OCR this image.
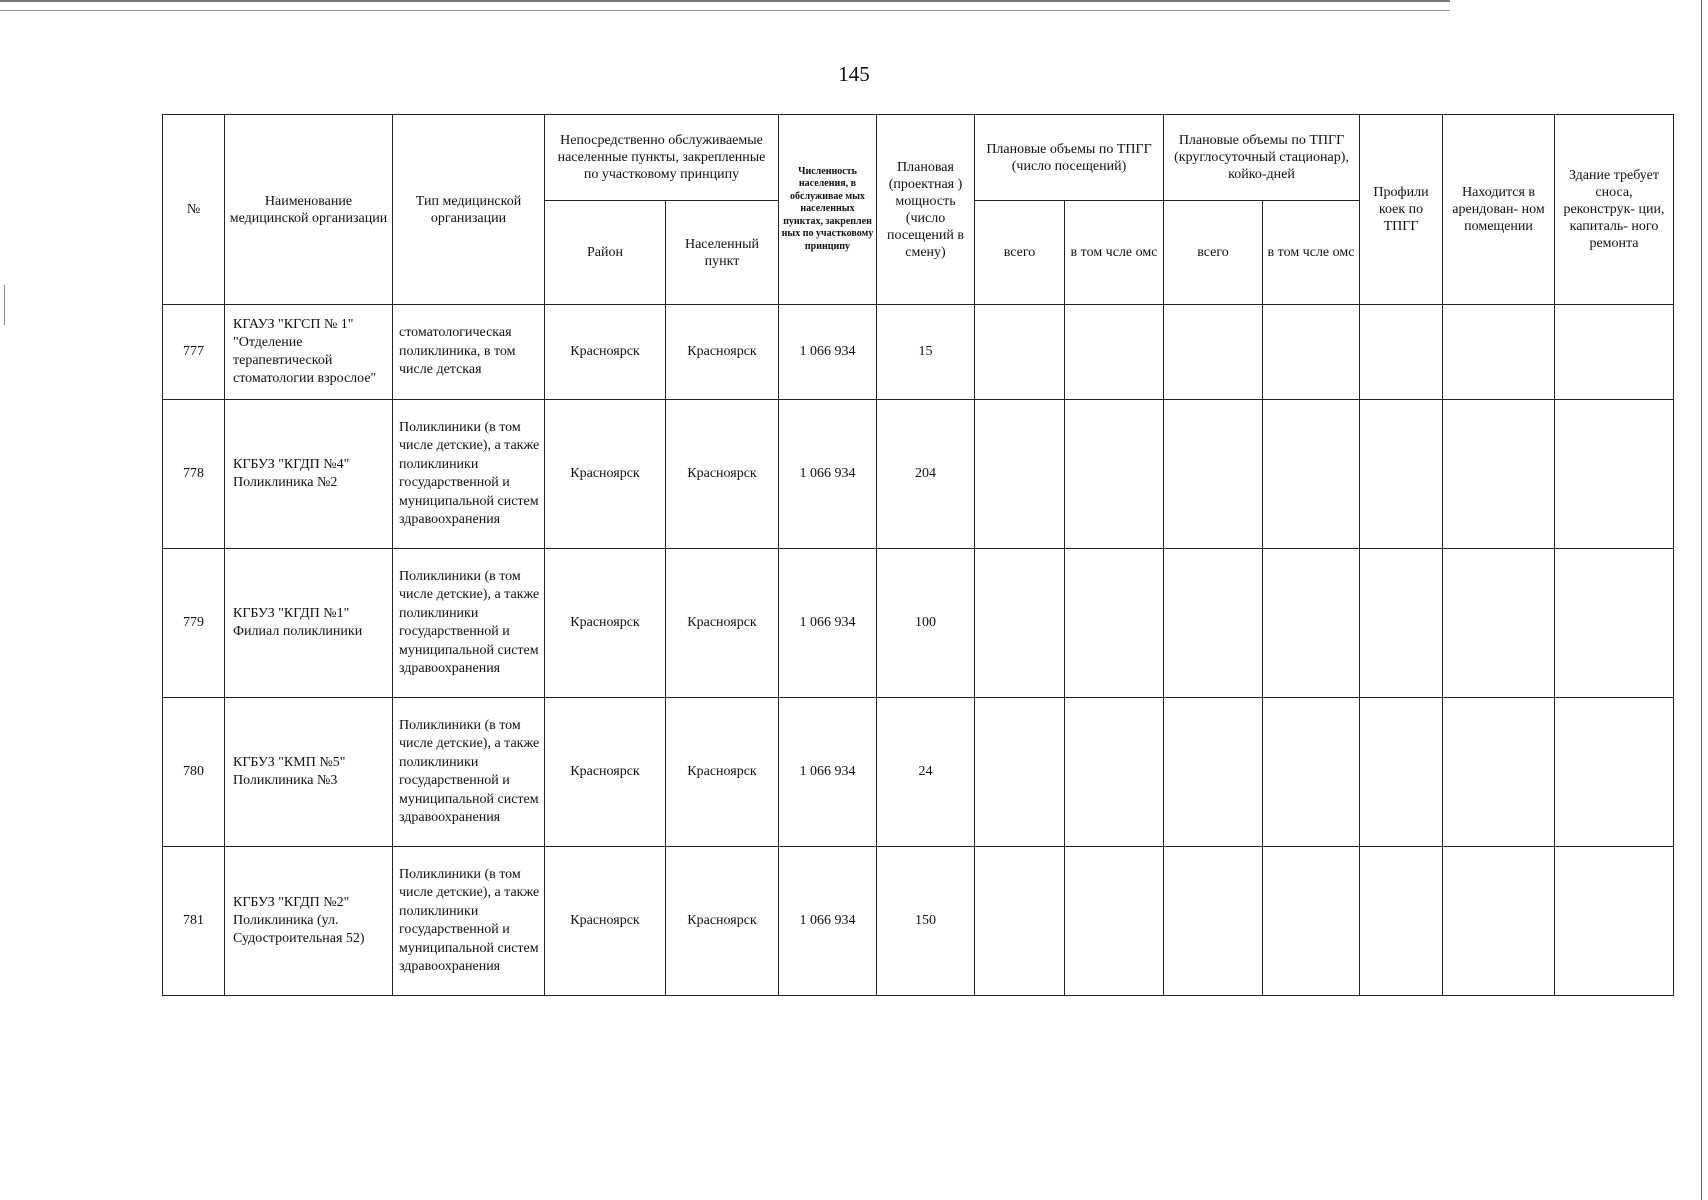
145
№	Наименование медицинской организации	Тип медицинской организации	Непосредственно обслуживаемые населенные пункты, закрепленные по участковому принципу		Численность населения, в обслуживае мых населенных пунктах, закреплен ных по участковому принципу	Плановая (проектная ) мощность (число посещений в смену)	Плановые объемы по ТПГГ (число посещений)		Плановые объемы по ТПГГ (круглосуточный стационар), койко-дней		Профили коек по ТПГГ	Находится в арендован- ном помещении	Здание требует сноса, реконструк- ции, капиталь- ного ремонта
			Район	Населенный пункт			всего	в том чсле омс	всего	в том чсле омс			
777	КГАУЗ "КГСП № 1" "Отделение терапевтической стоматологии взрослое"	стоматологическая поликлиника, в том числе детская	Красноярск	Красноярск	1 066 934	15							
778	КГБУЗ "КГДП №4" Поликлиника №2	Поликлиники (в том числе детские), а также поликлиники государственной и муниципальной систем здравоохранения	Красноярск	Красноярск	1 066 934	204							
779	КГБУЗ "КГДП №1" Филиал поликлиники	Поликлиники (в том числе детские), а также поликлиники государственной и муниципальной систем здравоохранения	Красноярск	Красноярск	1 066 934	100							
780	КГБУЗ "КМП №5" Поликлиника №3	Поликлиники (в том числе детские), а также поликлиники государственной и муниципальной систем здравоохранения	Красноярск	Красноярск	1 066 934	24							
781	КГБУЗ "КГДП №2" Поликлиника (ул. Судостроительная 52)	Поликлиники (в том числе детские), а также поликлиники государственной и муниципальной систем здравоохранения	Красноярск	Красноярск	1 066 934	150							
